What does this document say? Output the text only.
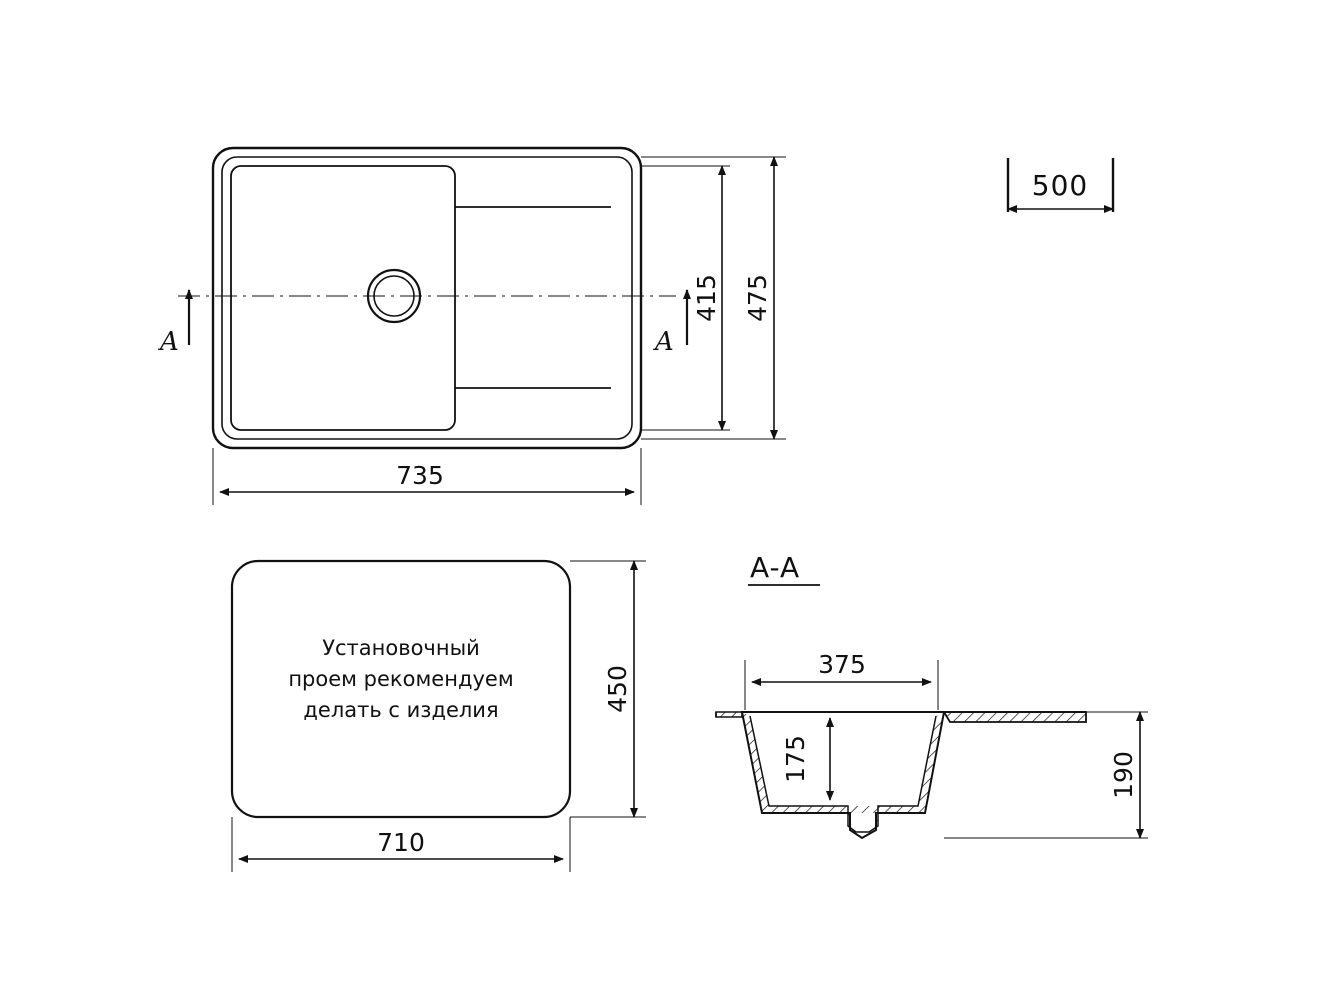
A	A
415 475
735
500
Установочный
проем рекомендуем
делать с изделия	450
710
A-A
375
175	190
